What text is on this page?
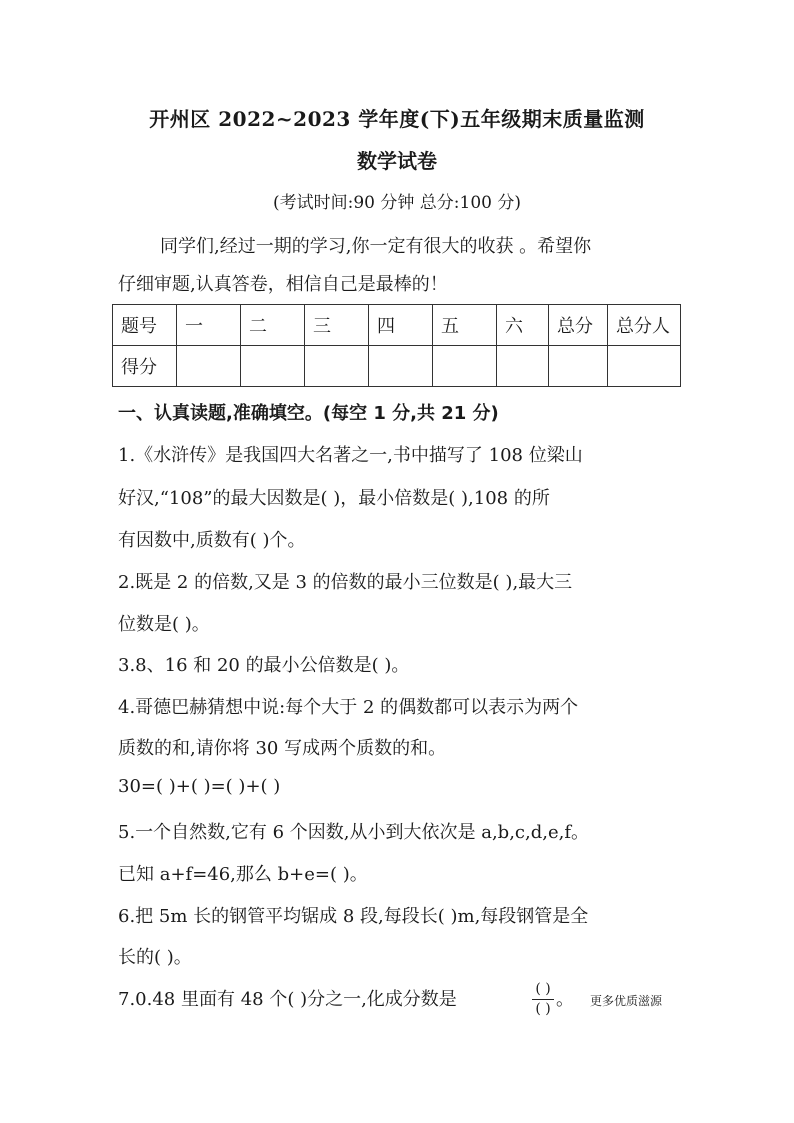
开州区 2022~2023 学年度(下)五年级期末质量监测
数学试卷
(考试时间:90 分钟 总分:100 分)
同学们,经过一期的学习,你一定有很大的收获 。希望你
仔细审题,认真答卷，相信自己是最棒的！
题号	一	二	三	四	五	六	总分	总分人
得分								
一、认真读题,准确填空。(每空 1 分,共 21 分)
1.《水浒传》是我国四大名著之一,书中描写了 108 位梁山
好汉,“108”的最大因数是( )，最小倍数是( ),108 的所
有因数中,质数有( )个。
2.既是 2 的倍数,又是 3 的倍数的最小三位数是( ),最大三
位数是( )。
3.8、16 和 20 的最小公倍数是( )。
4.哥德巴赫猜想中说:每个大于 2 的偶数都可以表示为两个
质数的和,请你将 30 写成两个质数的和。
30=( )+( )=( )+( )
5.一个自然数,它有 6 个因数,从小到大依次是 a,b,c,d,e,f。
已知 a+f=46,那么 b+e=( )。
6.把 5m 长的钢管平均锯成 8 段,每段长( )m,每段钢管是全
长的( )。
7.0.48 里面有 48 个( )分之一,化成分数是	( )
( ) 。 更多优质滋源
